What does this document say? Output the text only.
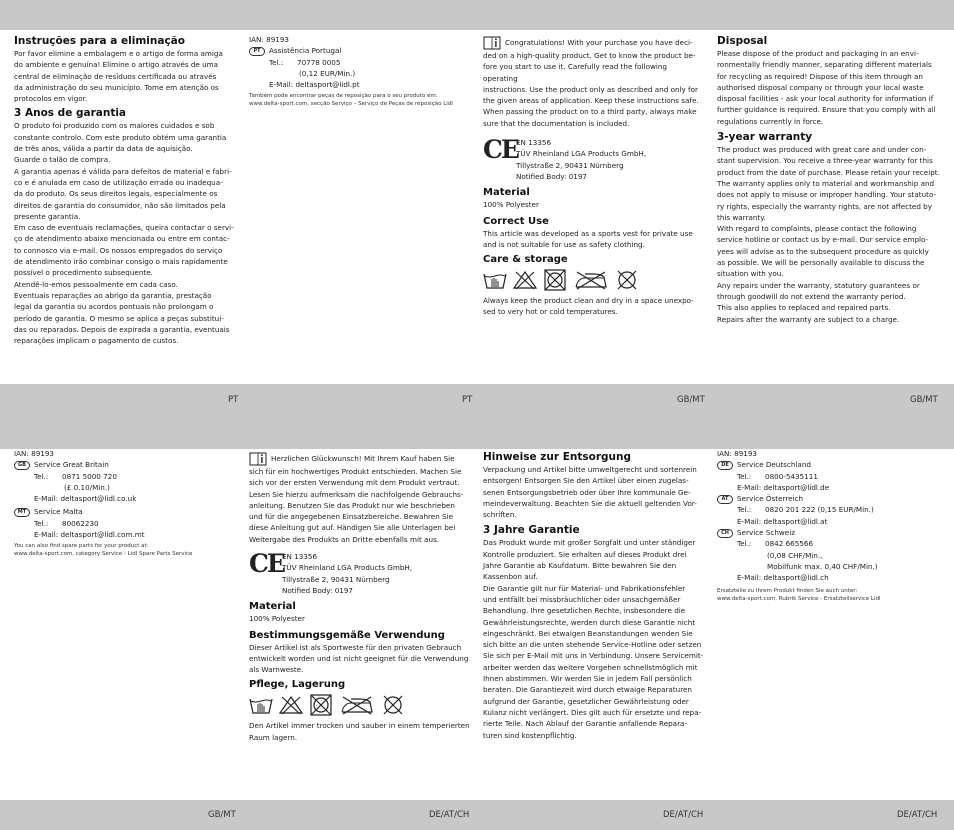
PT	PT	GB/MT	GB/MT
GB/MT	DE/AT/CH	DE/AT/CH	DE/AT/CH

Instruções para a eliminação

Por favor elimine a embalagem e o artigo de forma amiga

do ambiente e genuína! Elimine o artigo através de uma

central de eliminação de resíduos certificada ou através

da administração do seu município. Tome em atenção os

protocolos em vigor.

3 Anos de garantia

O produto foi produzido com os maiores cuidados e sob

constante controlo. Com este produto obtém uma garantia

de três anos, válida a partir da data de aquisição.

Guarde o talão de compra.

A garantia apenas é válida para defeitos de material e fabri-

co e é anulada em caso de utilização errada ou inadequa-

da do produto. Os seus direitos legais, especialmente os

direitos de garantia do consumidor, não são limitados pela

presente garantia.

Em caso de eventuais reclamações, queira contactar o servi-

ço de atendimento abaixo mencionada ou entre em contac-

to connosco via e-mail. Os nossos empregados do serviço

de atendimento irão combinar consigo o mais rapidamente

possível o procedimento subsequente.

Atendê-lo-emos pessoalmente em cada caso.

Eventuais reparações ao abrigo da garantia, prestação

legal da garantia ou acordos pontuais não prolongam o

período de garantia. O mesmo se aplica a peças substituí-

das ou reparadas. Depois de expirada a garantia, eventuais

reparações implicam o pagamento de custos.

IAN: 89193

PT	Assistência Portugal
Tel.: 70778 0005
(0,12 EUR/Min.)
E-Mail: deltasport@lidl.pt

Também pode encontrar peças de reposição para o seu produto em:

www.delta-sport.com, secção Serviço – Serviço de Peças de reposição Lidl

Congratulations! With your purchase you have deci-

ded on a high-quality product. Get to know the product be-

fore you start to use it. Carefully read the following operating

instructions. Use the product only as described and only for

the given areas of application. Keep these instructions safe.

When passing the product on to a third party, always make

sure that the documentation is included.

CE

EN 13356

TÜV Rheinland LGA Products GmbH,

Tillystraße 2, 90431 Nürnberg

Notified Body: 0197

Material

100% Polyester

Correct Use

This article was developed as a sports vest for private use

and is not suitable for use as safety clothing.

Care & storage

Always keep the product clean and dry in a space unexpo-

sed to very hot or cold temperatures.

Disposal

Please dispose of the product and packaging in an envi-

ronmentally friendly manner, separating different materials

for recycling as required! Dispose of this item through an

authorised disposal company or through your local waste

disposal facilities - ask your local authority for information if

further guidance is required. Ensure that you comply with all

regulations currently in force.

3-year warranty

The product was produced with great care and under con-

stant supervision. You receive a three-year warranty for this

product from the date of purchase. Please retain your receipt.

The warranty applies only to material and workmanship and

does not apply to misuse or improper handling. Your statuto-

ry rights, especially the warranty rights, are not affected by

this warranty.

With regard to complaints, please contact the following

service hotline or contact us by e-mail. Our service emplo-

yees will advise as to the subsequent procedure as quickly

as possible. We will be personally available to discuss the

situation with you.

Any repairs under the warranty, statutory guarantees or

through goodwill do not extend the warranty period.

This also applies to replaced and repaired parts.

Repairs after the warranty are subject to a charge.

IAN: 89193

GB	Service Great Britain
Tel.: 0871 5000 720
(£ 0.10/Min.)
E-Mail: deltasport@lidl.co.uk
MT	Service Malta
Tel.: 80062230
E-Mail: deltasport@lidl.com.mt

You can also find spare parts for your product at:

www.delta-sport.com, category Service - Lidl Spare Parts Service

Herzlichen Glückwunsch! Mit Ihrem Kauf haben Sie

sich für ein hochwertiges Produkt entschieden. Machen Sie

sich vor der ersten Verwendung mit dem Produkt vertraut.

Lesen Sie hierzu aufmerksam die nachfolgende Gebrauchs-

anleitung. Benutzen Sie das Produkt nur wie beschrieben

und für die angegebenen Einsatzbereiche. Bewahren Sie

diese Anleitung gut auf. Händigen Sie alle Unterlagen bei

Weitergabe des Produkts an Dritte ebenfalls mit aus.

CE

EN 13356

TÜV Rheinland LGA Products GmbH,

Tillystraße 2, 90431 Nürnberg

Notified Body: 0197

Material

100% Polyester

Bestimmungsgemäße Verwendung

Dieser Artikel ist als Sportweste für den privaten Gebrauch

entwickelt worden und ist nicht geeignet für die Verwendung

als Warnweste.

Pflege, Lagerung

Den Artikel immer trocken und sauber in einem temperierten

Raum lagern.

Hinweise zur Entsorgung

Verpackung und Artikel bitte umweltgerecht und sortenrein

entsorgen! Entsorgen Sie den Artikel über einen zugelas-

senen Entsorgungsbetrieb oder über Ihre kommunale Ge-

meindeverwaltung. Beachten Sie die aktuell geltenden Vor-

schriften.

3 Jahre Garantie

Das Produkt wurde mit großer Sorgfalt und unter ständiger

Kontrolle produziert. Sie erhalten auf dieses Produkt drei

Jahre Garantie ab Kaufdatum. Bitte bewahren Sie den

Kassenbon auf.

Die Garantie gilt nur für Material- und Fabrikationsfehler

und entfällt bei missbräuchlicher oder unsachgemäßer

Behandlung. Ihre gesetzlichen Rechte, insbesondere die

Gewährleistungsrechte, werden durch diese Garantie nicht

eingeschränkt. Bei etwaigen Beanstandungen wenden Sie

sich bitte an die unten stehende Service-Hotline oder setzen

Sie sich per E-Mail mit uns in Verbindung. Unsere Servicemit-

arbeiter werden das weitere Vorgehen schnellstmöglich mit

Ihnen abstimmen. Wir werden Sie in jedem Fall persönlich

beraten. Die Garantiezeit wird durch etwaige Reparaturen

aufgrund der Garantie, gesetzlicher Gewährleistung oder

Kulanz nicht verlängert. Dies gilt auch für ersetzte und repa-

rierte Teile. Nach Ablauf der Garantie anfallende Repara-

turen sind kostenpflichtig.

IAN: 89193

DE	Service Deutschland
Tel.: 0800-5435111
E-Mail: deltasport@lidl.de
AT	Service Österreich
Tel.: 0820 201 222 (0,15 EUR/Min.)
E-Mail: deltasport@lidl.at
CH	Service Schweiz
Tel.: 0842 665566
(0,08 CHF/Min.,
Mobilfunk max. 0,40 CHF/Min.)
E-Mail: deltasport@lidl.ch

Ersatzteile zu Ihrem Produkt finden Sie auch unter:

www.delta-sport.com, Rubrik Service - Ersatzteilservice Lidl
